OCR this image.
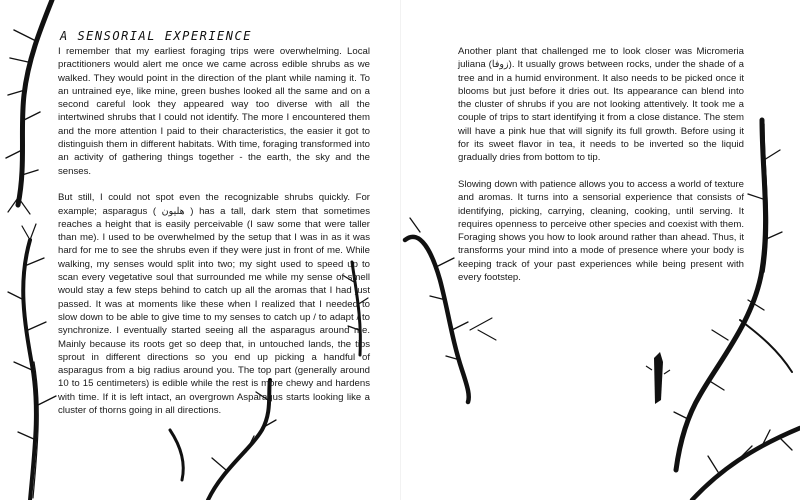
A SENSORIAL EXPERIENCE

I remember that my earliest foraging trips were overwhelming. Local practitioners would alert me once we came across edible shrubs as we walked. They would point in the direction of the plant while naming it. To an untrained eye, like mine, green bushes looked all the same and on a second careful look they appeared way too diverse with all the intertwined shrubs that I could not identify. The more I encountered them and the more attention I paid to their characteristics, the easier it got to distinguish them in different habitats. With time, foraging transformed into an activity of gathering things together - the earth, the sky and the senses.

But still, I could not spot even the recognizable shrubs quickly. For example; asparagus ( هليون ) has a tall, dark stem that sometimes reaches a height that is easily perceivable (I saw some that were taller than me). I used to be overwhelmed by the setup that I was in as it was hard for me to see the shrubs even if they were just in front of me. While walking, my senses would split into two; my sight used to speed up to scan every vegetative soul that surrounded me while my sense of smell would stay a few steps behind to catch up all the aromas that I had just passed. It was at moments like these when I realized that I needed to slow down to be able to give time to my senses to catch up / to adapt / to synchronize. I eventually started seeing all the asparagus around me. Mainly because its roots get so deep that, in untouched lands, the tips sprout in different directions so you end up picking a handful of asparagus from a big radius around you. The top part (generally around 10 to 15 centimeters) is edible while the rest is more chewy and hardens with time. If it is left intact, an overgrown Asparagus starts looking like a cluster of thorns going in all directions.

Another plant that challenged me to look closer was Micromeria juliana (زوفا). It usually grows between rocks, under the shade of a tree and in a humid environment. It also needs to be picked once it blooms but just before it dries out. Its appearance can blend into the cluster of shrubs if you are not looking attentively. It took me a couple of trips to start identifying it from a close distance. The stem will have a pink hue that will signify its full growth. Before using it for its sweet flavor in tea, it needs to be inverted so the liquid gradually dries from bottom to tip.

Slowing down with patience allows you to access a world of texture and aromas. It turns into a sensorial experience that consists of identifying, picking, carrying, cleaning, cooking, until serving. It requires openness to perceive other species and coexist with them. Foraging shows you how to look around rather than ahead. Thus, it transforms your mind into a mode of presence where your body is keeping track of your past experiences while being present with every footstep.
